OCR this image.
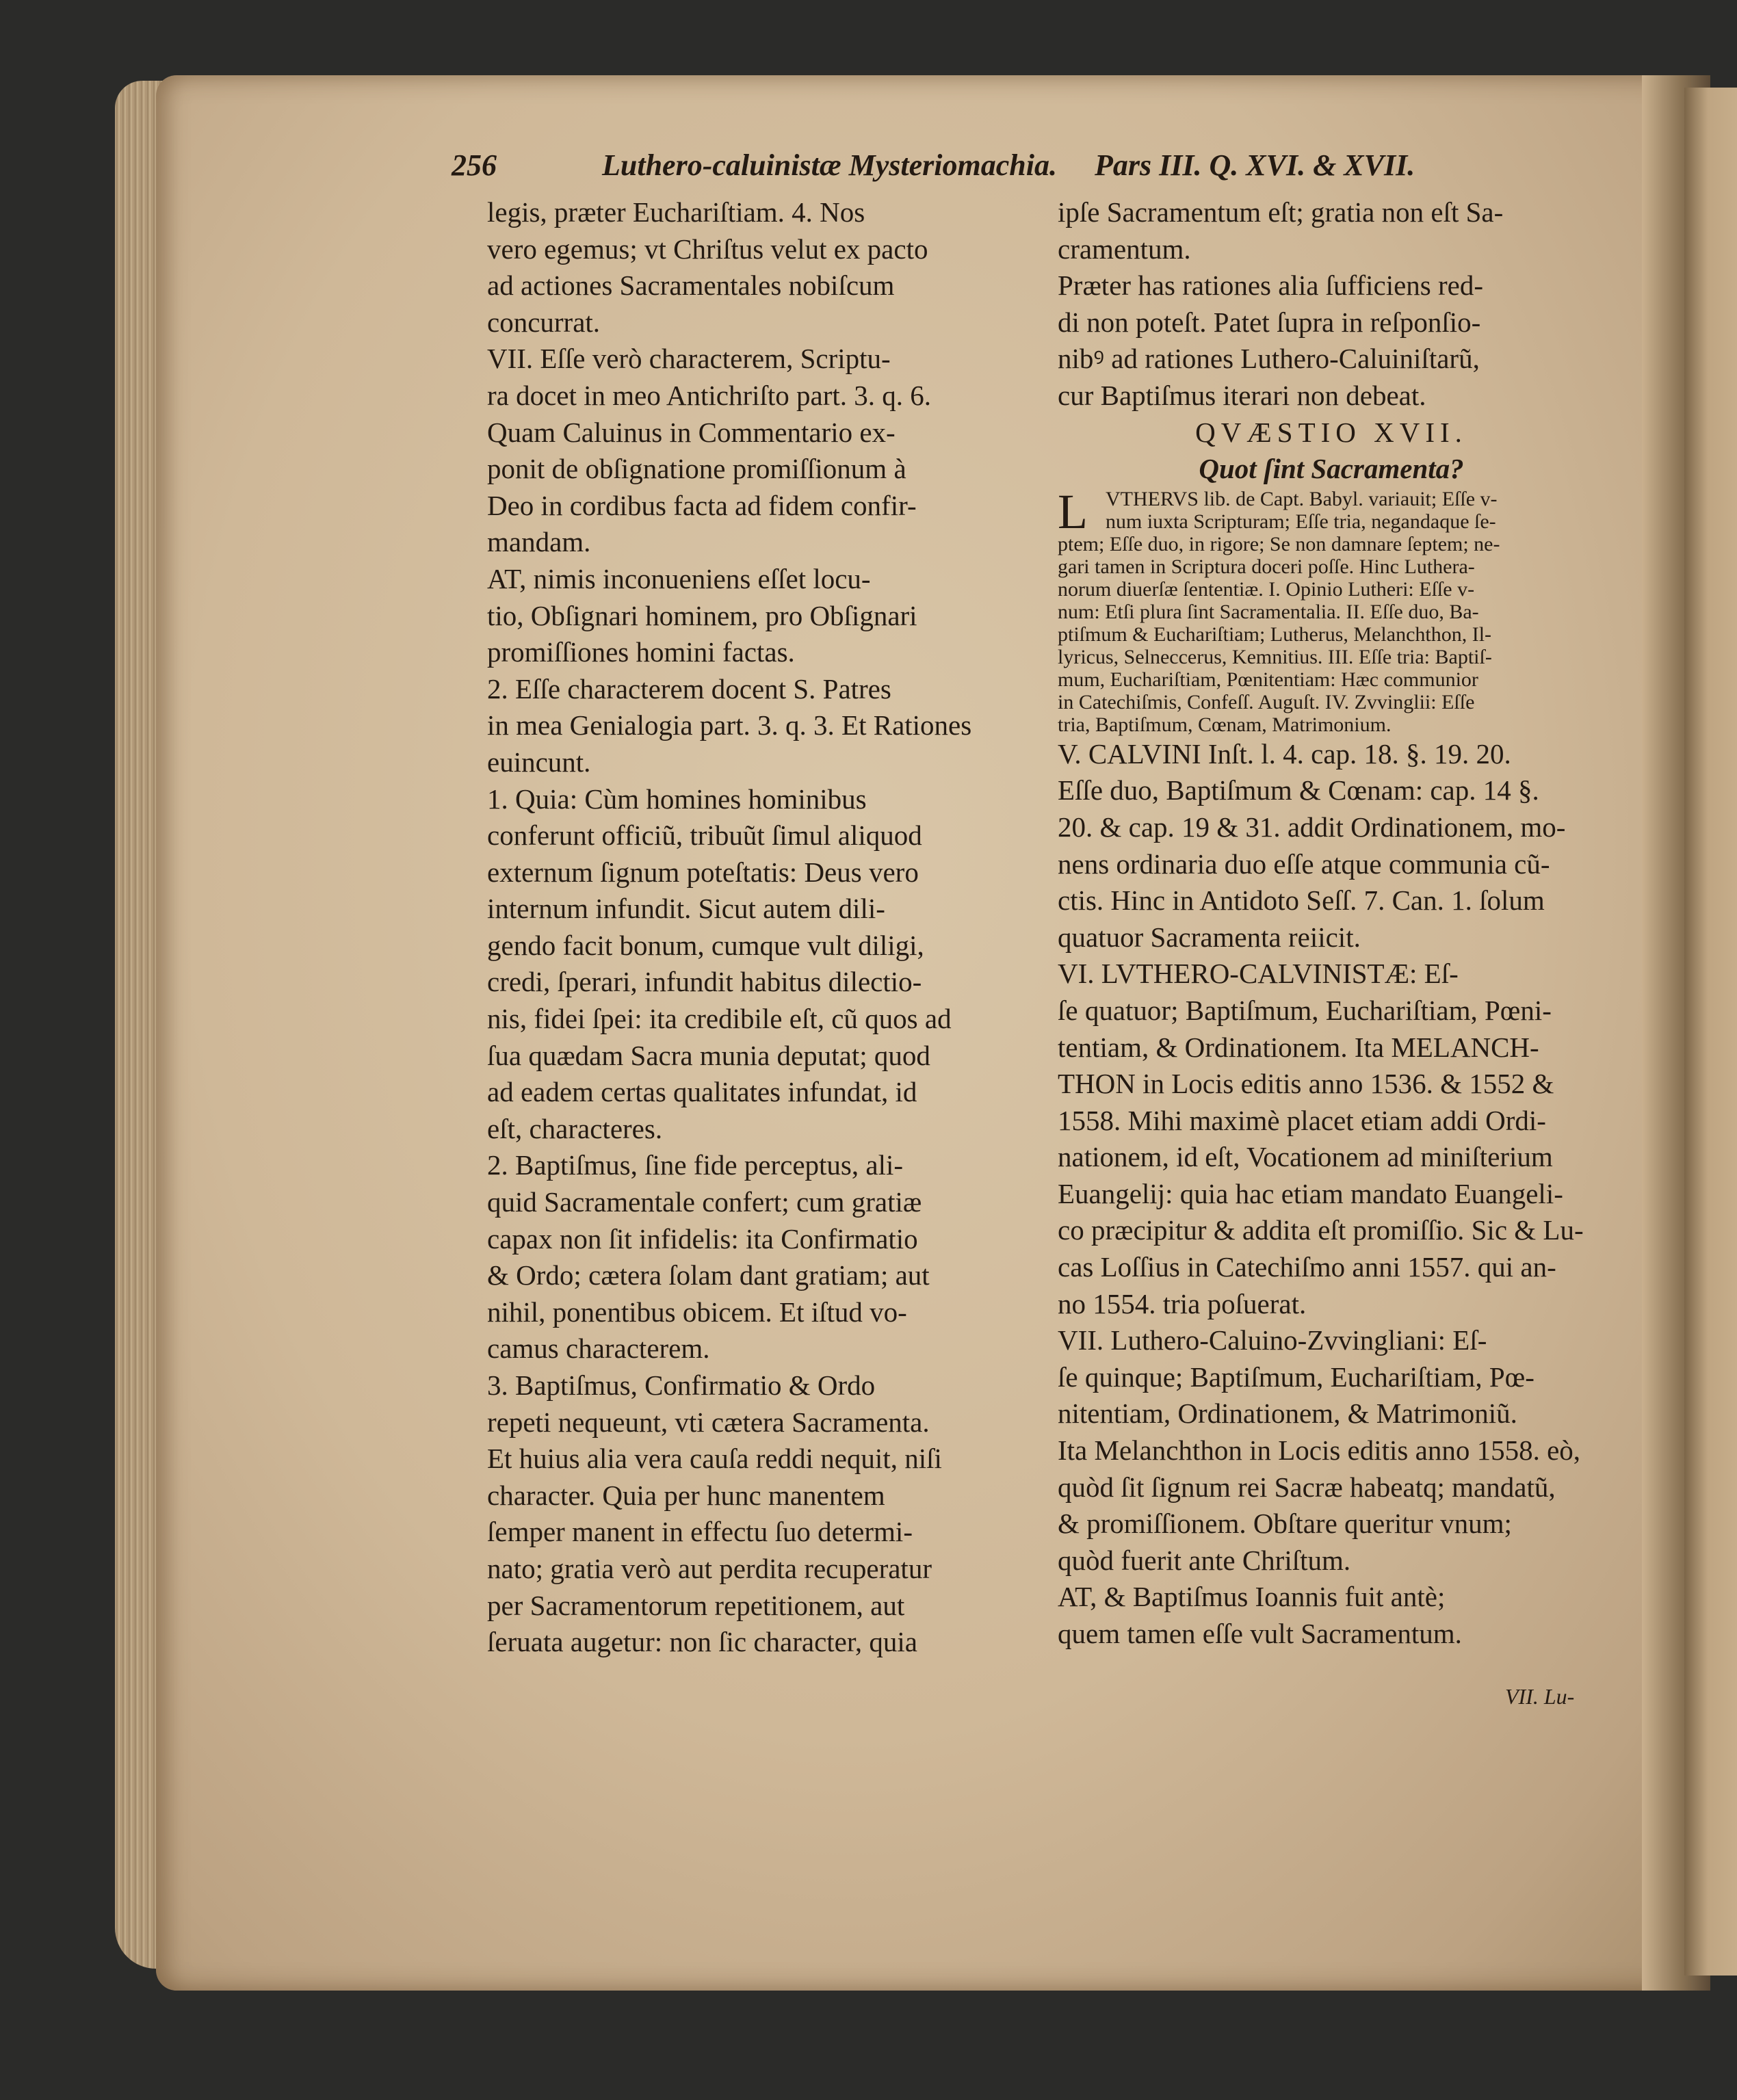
256	Luthero-caluinistæ Mysteriomachia. Pars III. Q. XVI. & XVII.
legis, præter Euchariſtiam. 4. Nos
vero egemus; vt Chriſtus velut ex pacto
ad actiones Sacramentales nobiſcum
concurrat.
VII. Eſſe verò characterem, Scriptu-
ra docet in meo Antichriſto part. 3. q. 6.
Quam Caluinus in Commentario ex-
ponit de obſignatione promiſſionum à
Deo in cordibus facta ad fidem confir-
mandam.
AT, nimis inconueniens eſſet locu-
tio, Obſignari hominem, pro Obſignari
promiſſiones homini factas.
2. Eſſe characterem docent S. Patres
in mea Genialogia part. 3. q. 3. Et Rationes
euincunt.
1. Quia: Cùm homines hominibus
conferunt officiũ, tribuũt ſimul aliquod
externum ſignum poteſtatis: Deus vero
internum infundit. Sicut autem dili-
gendo facit bonum, cumque vult diligi,
credi, ſperari, infundit habitus dilectio-
nis, fidei ſpei: ita credibile eſt, cũ quos ad
ſua quædam Sacra munia deputat; quod
ad eadem certas qualitates infundat, id
eſt, characteres.
2. Baptiſmus, ſine fide perceptus, ali-
quid Sacramentale confert; cum gratiæ
capax non ſit infidelis: ita Confirmatio
& Ordo; cætera ſolam dant gratiam; aut
nihil, ponentibus obicem. Et iſtud vo-
camus characterem.
3. Baptiſmus, Confirmatio & Ordo
repeti nequeunt, vti cætera Sacramenta.
Et huius alia vera cauſa reddi nequit, niſi
character. Quia per hunc manentem
ſemper manent in effectu ſuo determi-
nato; gratia verò aut perdita recuperatur
per Sacramentorum repetitionem, aut
ſeruata augetur: non ſic character, quia
ipſe Sacramentum eſt; gratia non eſt Sa-
cramentum.
Præter has rationes alia ſufficiens red-
di non poteſt. Patet ſupra in reſponſio-
nibꝰ ad rationes Luthero-Caluiniſtarũ,
cur Baptiſmus iterari non debeat.
QVÆSTIO XVII.
Quot ſint Sacramenta?
L VTHERVS lib. de Capt. Babyl. variauit; Eſſe v-
num iuxta Scripturam; Eſſe tria, negandaque ſe-
ptem; Eſſe duo, in rigore; Se non damnare ſeptem; ne-
gari tamen in Scriptura doceri poſſe. Hinc Luthera-
norum diuerſæ ſententiæ. I. Opinio Lutheri: Eſſe v-
num: Etſi plura ſint Sacramentalia. II. Eſſe duo, Ba-
ptiſmum & Euchariſtiam; Lutherus, Melanchthon, Il-
lyricus, Selneccerus, Kemnitius. III. Eſſe tria: Baptiſ-
mum, Euchariſtiam, Pœnitentiam: Hæc communior
in Catechiſmis, Confeſſ. Auguſt. IV. Zvvinglii: Eſſe
tria, Baptiſmum, Cœnam, Matrimonium.
V. CALVINI Inſt. l. 4. cap. 18. §. 19. 20.
Eſſe duo, Baptiſmum & Cœnam: cap. 14 §.
20. & cap. 19 & 31. addit Ordinationem, mo-
nens ordinaria duo eſſe atque communia cũ-
ctis. Hinc in Antidoto Seſſ. 7. Can. 1. ſolum
quatuor Sacramenta reiicit.
VI. LVTHERO-CALVINISTÆ: Eſ-
ſe quatuor; Baptiſmum, Euchariſtiam, Pœni-
tentiam, & Ordinationem. Ita MELANCH-
THON in Locis editis anno 1536. & 1552 &
1558. Mihi maximè placet etiam addi Ordi-
nationem, id eſt, Vocationem ad miniſterium
Euangelij: quia hac etiam mandato Euangeli-
co præcipitur & addita eſt promiſſio. Sic & Lu-
cas Loſſius in Catechiſmo anni 1557. qui an-
no 1554. tria poſuerat.
VII. Luthero-Caluino-Zvvingliani: Eſ-
ſe quinque; Baptiſmum, Euchariſtiam, Pœ-
nitentiam, Ordinationem, & Matrimoniũ.
Ita Melanchthon in Locis editis anno 1558. eò,
quòd ſit ſignum rei Sacræ habeatq; mandatũ,
& promiſſionem. Obſtare queritur vnum;
quòd fuerit ante Chriſtum.
AT, & Baptiſmus Ioannis fuit antè;
quem tamen eſſe vult Sacramentum.
VII. Lu-
